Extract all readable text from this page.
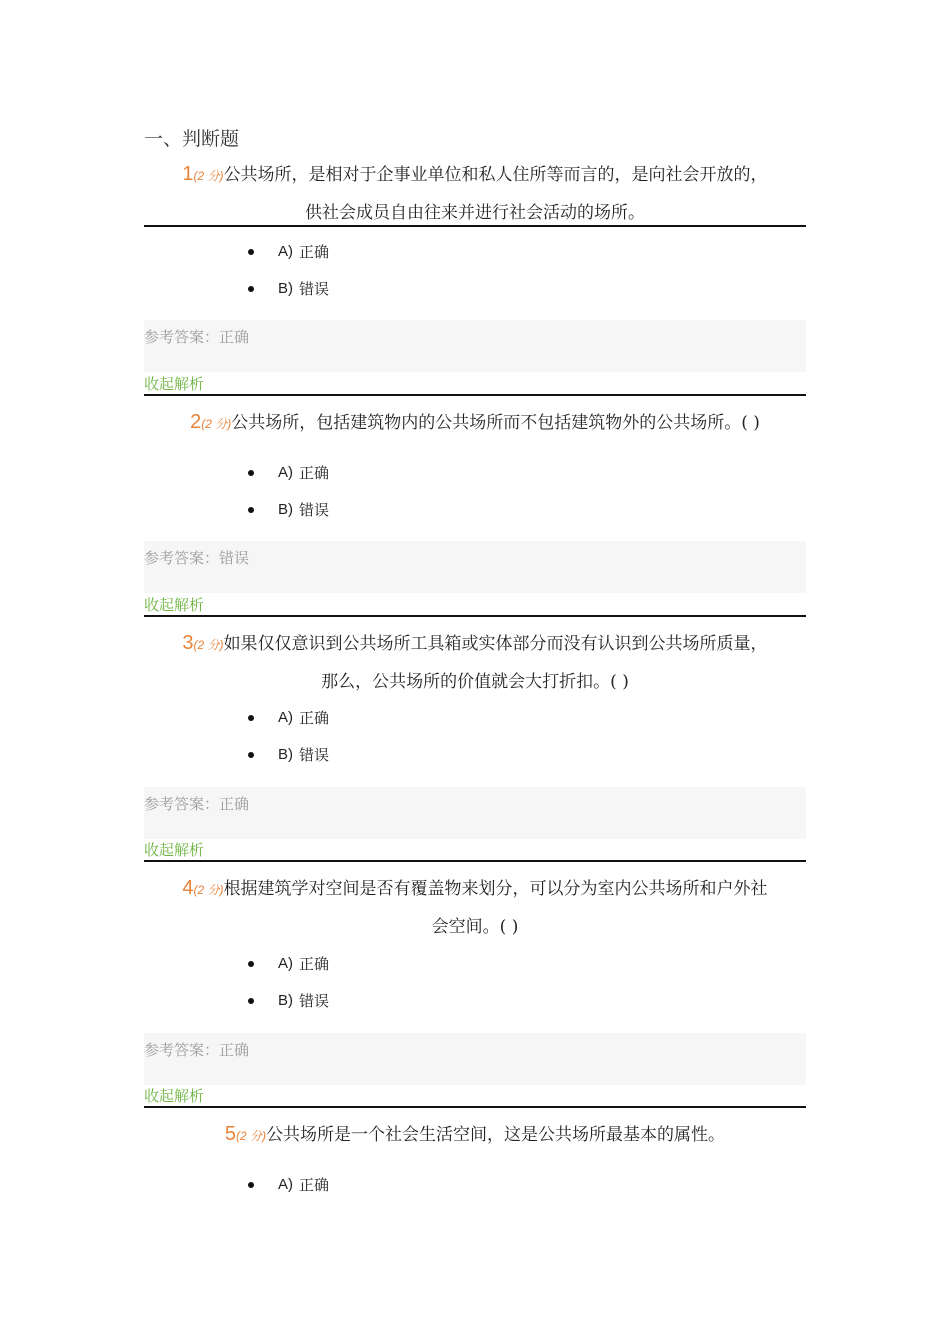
一、判断题
1(2 分)公共场所，是相对于企事业单位和私人住所等而言的，是向社会开放的，
供社会成员自由往来并进行社会活动的场所。
A) 正确
B) 错误
参考答案：正确
收起解析
2(2 分)公共场所，包括建筑物内的公共场所而不包括建筑物外的公共场所。( )
A) 正确
B) 错误
参考答案：错误
收起解析
3(2 分)如果仅仅意识到公共场所工具箱或实体部分而没有认识到公共场所质量，
那么，公共场所的价值就会大打折扣。( )
A) 正确
B) 错误
参考答案：正确
收起解析
4(2 分)根据建筑学对空间是否有覆盖物来划分，可以分为室内公共场所和户外社
会空间。( )
A) 正确
B) 错误
参考答案：正确
收起解析
5(2 分)公共场所是一个社会生活空间，这是公共场所最基本的属性。
A) 正确
